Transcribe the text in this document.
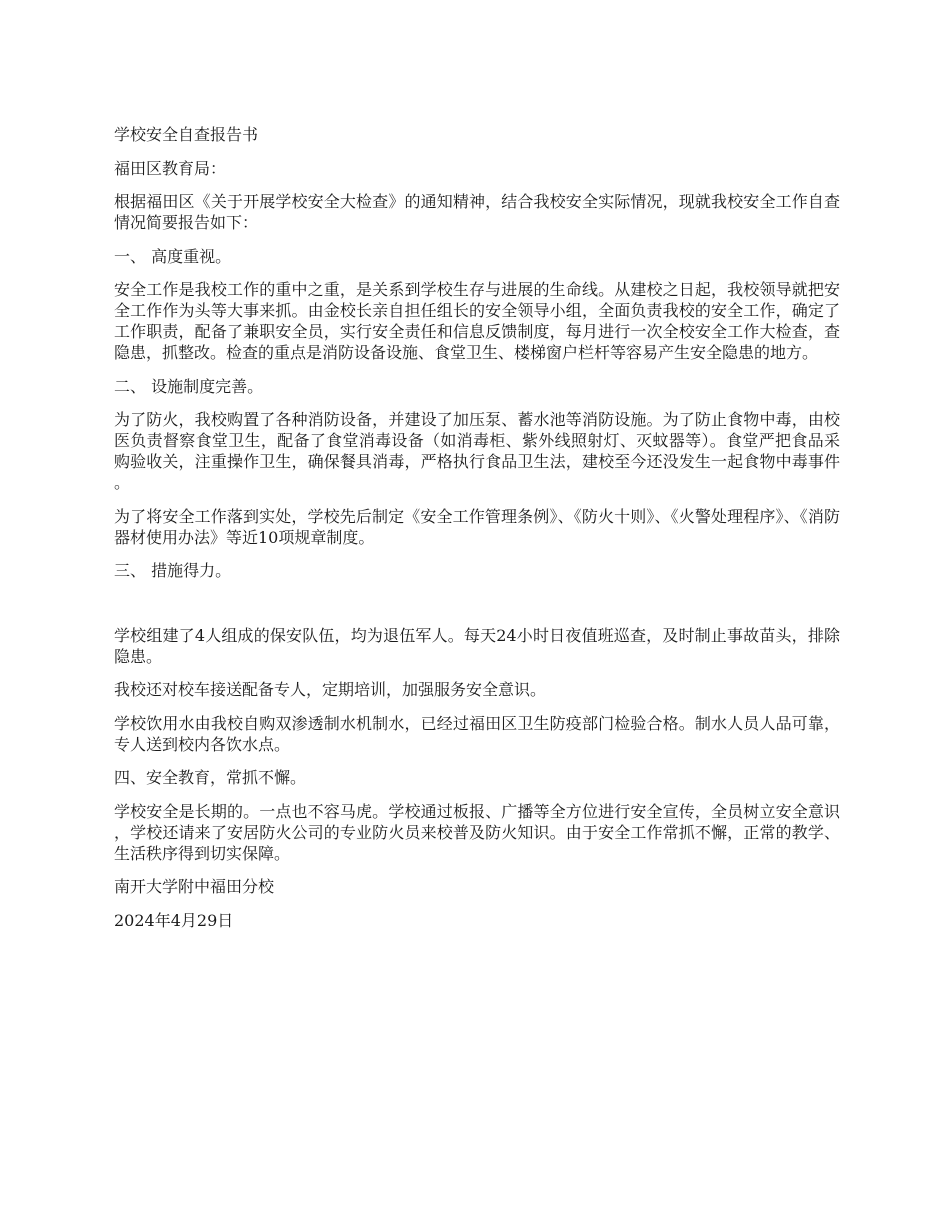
学校安全自查报告书

福田区教育局：

根据福田区《关于开展学校安全大检查》的通知精神，结合我校安全实际情况，现就我校安全工作自查情况简要报告如下：

一、 高度重视。

安全工作是我校工作的重中之重，是关系到学校生存与进展的生命线。从建校之日起，我校领导就把安全工作作为头等大事来抓。由金校长亲自担任组长的安全领导小组，全面负责我校的安全工作，确定了工作职责，配备了兼职安全员，实行安全责任和信息反馈制度，每月进行一次全校安全工作大检查，查隐患，抓整改。检查的重点是消防设备设施、食堂卫生、楼梯窗户栏杆等容易产生安全隐患的地方。

二、 设施制度完善。

为了防火，我校购置了各种消防设备，并建设了加压泵、蓄水池等消防设施。为了防止食物中毒，由校医负责督察食堂卫生，配备了食堂消毒设备（如消毒柜、紫外线照射灯、灭蚊器等）。食堂严把食品采购验收关，注重操作卫生，确保餐具消毒，严格执行食品卫生法，建校至今还没发生一起食物中毒事件。

为了将安全工作落到实处，学校先后制定《安全工作管理条例》、《防火十则》、《火警处理程序》、《消防器材使用办法》等近10项规章制度。

三、 措施得力。

学校组建了4人组成的保安队伍，均为退伍军人。每天24小时日夜值班巡查，及时制止事故苗头，排除隐患。

我校还对校车接送配备专人，定期培训，加强服务安全意识。

学校饮用水由我校自购双渗透制水机制水，已经过福田区卫生防疫部门检验合格。制水人员人品可靠，专人送到校内各饮水点。

四、安全教育，常抓不懈。

学校安全是长期的。一点也不容马虎。学校通过板报、广播等全方位进行安全宣传，全员树立安全意识，学校还请来了安居防火公司的专业防火员来校普及防火知识。由于安全工作常抓不懈，正常的教学、生活秩序得到切实保障。

南开大学附中福田分校

2024年4月29日
